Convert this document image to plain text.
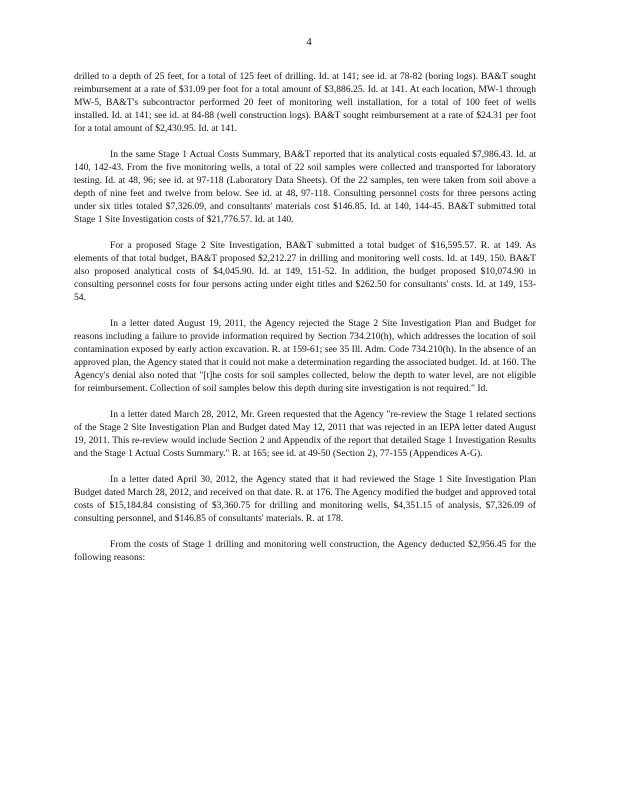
4

drilled to a depth of 25 feet, for a total of 125 feet of drilling. Id. at 141; see id. at 78-82 (boring logs). BA&T sought reimbursement at a rate of $31.09 per foot for a total amount of $3,886.25. Id. at 141. At each location, MW-1 through MW-5, BA&T's subcontractor performed 20 feet of monitoring well installation, for a total of 100 feet of wells installed. Id. at 141; see id. at 84-88 (well construction logs). BA&T sought reimbursement at a rate of $24.31 per foot for a total amount of $2,430.95. Id. at 141.

In the same Stage 1 Actual Costs Summary, BA&T reported that its analytical costs equaled $7,986.43. Id. at 140, 142-43. From the five monitoring wells, a total of 22 soil samples were collected and transported for laboratory testing. Id. at 48, 96; see id. at 97-118 (Laboratory Data Sheets). Of the 22 samples, ten were taken from soil above a depth of nine feet and twelve from below. See id. at 48, 97-118. Consulting personnel costs for three persons acting under six titles totaled $7,326.09, and consultants' materials cost $146.85. Id. at 140, 144-45. BA&T submitted total Stage 1 Site Investigation costs of $21,776.57. Id. at 140.

For a proposed Stage 2 Site Investigation, BA&T submitted a total budget of $16,595.57. R. at 149. As elements of that total budget, BA&T proposed $2,212.27 in drilling and monitoring well costs. Id. at 149, 150. BA&T also proposed analytical costs of $4,045.90. Id. at 149, 151-52. In addition, the budget proposed $10,074.90 in consulting personnel costs for four persons acting under eight titles and $262.50 for consultants' costs. Id. at 149, 153-54.

In a letter dated August 19, 2011, the Agency rejected the Stage 2 Site Investigation Plan and Budget for reasons including a failure to provide information required by Section 734.210(h), which addresses the location of soil contamination exposed by early action excavation. R. at 159-61; see 35 Ill. Adm. Code 734.210(h). In the absence of an approved plan, the Agency stated that it could not make a determination regarding the associated budget. Id. at 160. The Agency's denial also noted that "[t]he costs for soil samples collected, below the depth to water level, are not eligible for reimbursement. Collection of soil samples below this depth during site investigation is not required." Id.

In a letter dated March 28, 2012, Mr. Green requested that the Agency "re-review the Stage 1 related sections of the Stage 2 Site Investigation Plan and Budget dated May 12, 2011 that was rejected in an IEPA letter dated August 19, 2011. This re-review would include Section 2 and Appendix of the report that detailed Stage 1 Investigation Results and the Stage 1 Actual Costs Summary." R. at 165; see id. at 49-50 (Section 2), 77-155 (Appendices A-G).

In a letter dated April 30, 2012, the Agency stated that it had reviewed the Stage 1 Site Investigation Plan Budget dated March 28, 2012, and received on that date. R. at 176. The Agency modified the budget and approved total costs of $15,184.84 consisting of $3,360.75 for drilling and monitoring wells, $4,351.15 of analysis, $7,326.09 of consulting personnel, and $146.85 of consultants' materials. R. at 178.

From the costs of Stage 1 drilling and monitoring well construction, the Agency deducted $2,956.45 for the following reasons:
